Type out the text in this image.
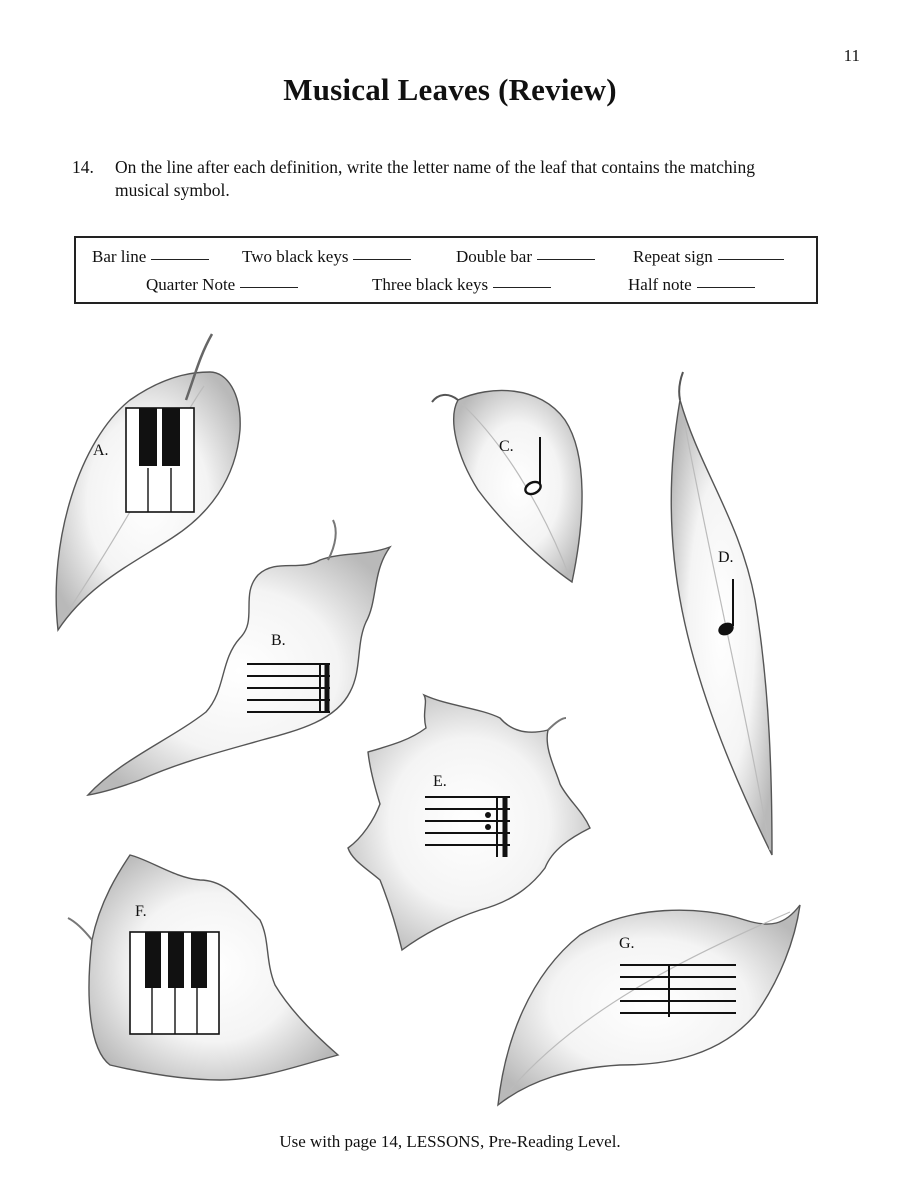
11
Musical Leaves (Review)
14. On the line after each definition, write the letter name of the leaf that contains the matching musical symbol.
Bar line	Two black keys	Double bar	Repeat sign
Quarter Note	Three black keys	Half note
A.	C.
D.
B.
E.
F.
G.
Use with page 14, LESSONS, Pre-Reading Level.
